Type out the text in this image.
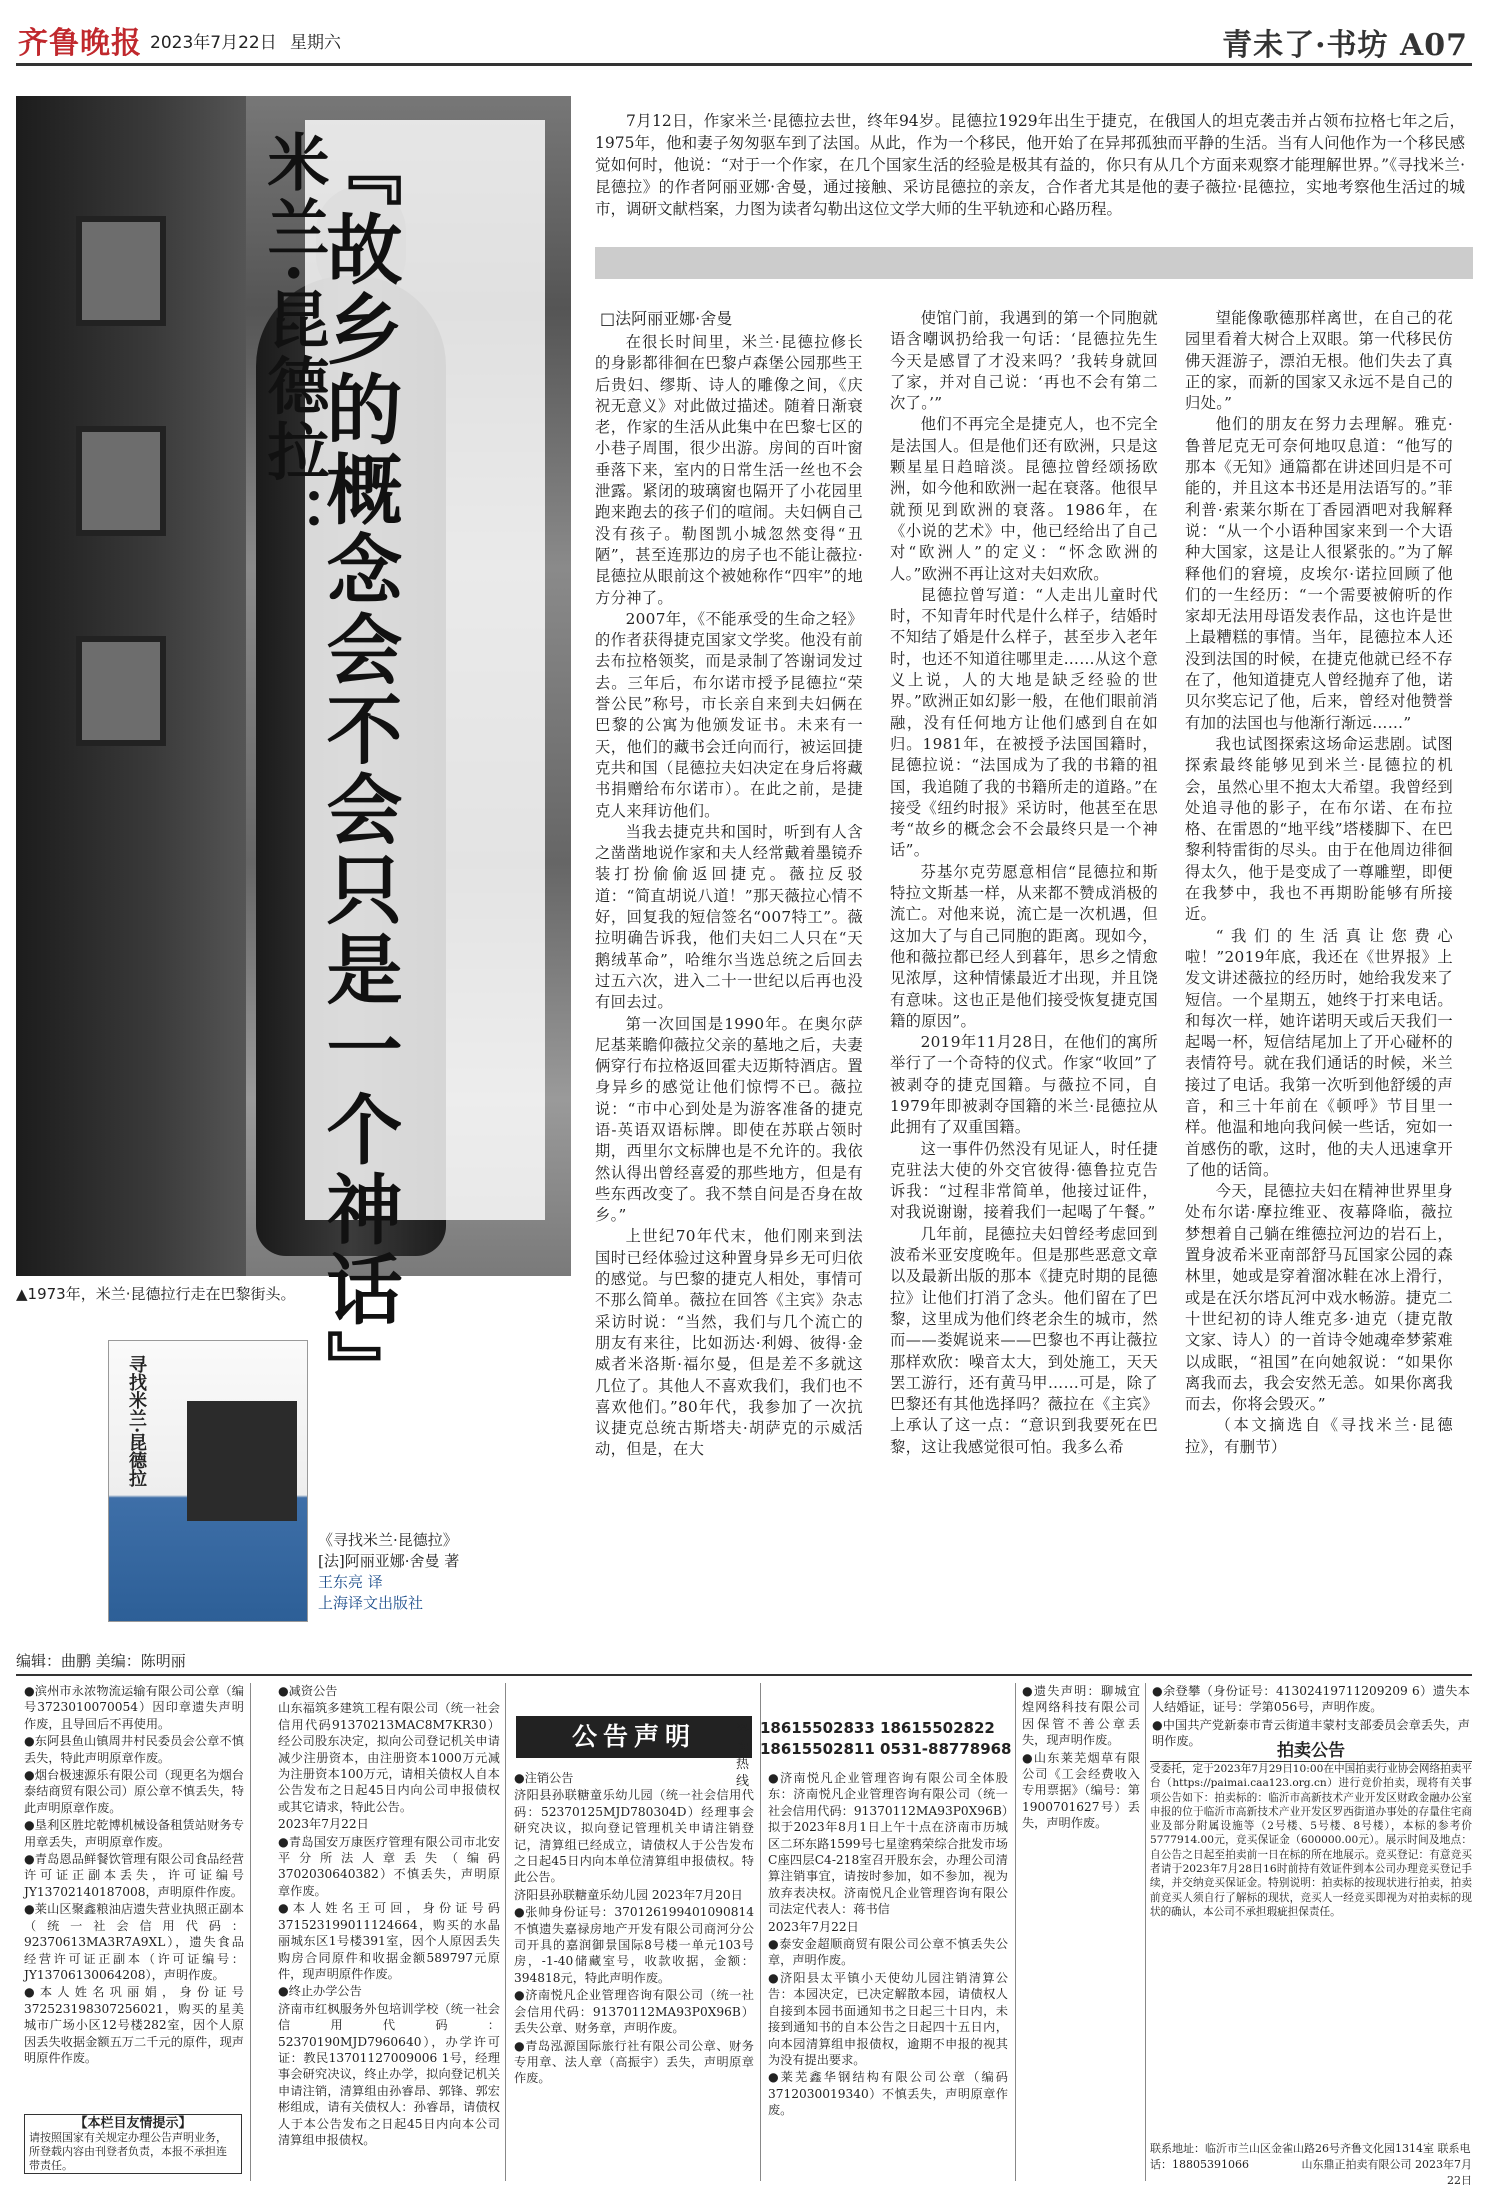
齐鲁晚报 2023年7月22日 星期六	青未了·书坊 A07
『故乡的概念会不会只是一个神话』
米兰·昆德拉：
▲1973年，米兰·昆德拉行走在巴黎街头。
寻找米兰·昆德拉
《寻找米兰·昆德拉》
[法]阿丽亚娜·舍曼 著
王东亮 译
上海译文出版社
7月12日，作家米兰·昆德拉去世，终年94岁。昆德拉1929年出生于捷克，在俄国人的坦克袭击并占领布拉格七年之后，1975年，他和妻子匆匆驱车到了法国。从此，作为一个移民，他开始了在异邦孤独而平静的生活。当有人问他作为一个移民感觉如何时，他说：“对于一个作家，在几个国家生活的经验是极其有益的，你只有从几个方面来观察才能理解世界。”《寻找米兰·昆德拉》的作者阿丽亚娜·舍曼，通过接触、采访昆德拉的亲友，合作者尤其是他的妻子薇拉·昆德拉，实地考察他生活过的城市，调研文献档案，力图为读者勾勒出这位文学大师的生平轨迹和心路历程。
□法阿丽亚娜·舍曼

在很长时间里，米兰·昆德拉修长的身影都徘徊在巴黎卢森堡公园那些王后贵妇、缪斯、诗人的雕像之间，《庆祝无意义》对此做过描述。随着日渐衰老，作家的生活从此集中在巴黎七区的小巷子周围，很少出游。房间的百叶窗垂落下来，室内的日常生活一丝也不会泄露。紧闭的玻璃窗也隔开了小花园里跑来跑去的孩子们的喧闹。夫妇俩自己没有孩子。勒图凯小城忽然变得“丑陋”，甚至连那边的房子也不能让薇拉·昆德拉从眼前这个被她称作“四牢”的地方分神了。

2007年，《不能承受的生命之轻》的作者获得捷克国家文学奖。他没有前去布拉格领奖，而是录制了答谢词发过去。三年后，布尔诺市授予昆德拉“荣誉公民”称号，市长亲自来到夫妇俩在巴黎的公寓为他颁发证书。未来有一天，他们的藏书会迁向而行，被运回捷克共和国（昆德拉夫妇决定在身后将藏书捐赠给布尔诺市）。在此之前，是捷克人来拜访他们。

当我去捷克共和国时，听到有人含之凿凿地说作家和夫人经常戴着墨镜乔装打扮偷偷返回捷克。薇拉反驳道：“简直胡说八道！”那天薇拉心情不好，回复我的短信签名“007特工”。薇拉明确告诉我，他们夫妇二人只在“天鹅绒革命”，哈维尔当选总统之后回去过五六次，进入二十一世纪以后再也没有回去过。

第一次回国是1990年。在奥尔萨尼基莱瞻仰薇拉父亲的墓地之后，夫妻俩穿行布拉格返回霍夫迈斯特酒店。置身异乡的感觉让他们惊愕不已。薇拉说：“市中心到处是为游客准备的捷克语-英语双语标牌。即使在苏联占领时期，西里尔文标牌也是不允许的。我依然认得出曾经喜爱的那些地方，但是有些东西改变了。我不禁自问是否身在故乡。”

上世纪70年代末，他们刚来到法国时已经体验过这种置身异乡无可归依的感觉。与巴黎的捷克人相处，事情可不那么简单。薇拉在回答《主宾》杂志采访时说：“当然，我们与几个流亡的朋友有来往，比如沥达·利姆、彼得·金威者米洛斯·福尔曼，但是差不多就这几位了。其他人不喜欢我们，我们也不喜欢他们。”80年代，我参加了一次抗议捷克总统古斯塔夫·胡萨克的示威活动，但是，在大

使馆门前，我遇到的第一个同胞就语含嘲讽扔给我一句话：‘昆德拉先生今天是感冒了才没来吗？’我转身就回了家，并对自己说：‘再也不会有第二次了。’”

他们不再完全是捷克人，也不完全是法国人。但是他们还有欧洲，只是这颗星星日趋暗淡。昆德拉曾经颂扬欧洲，如今他和欧洲一起在衰落。他很早就预见到欧洲的衰落。1986年，在《小说的艺术》中，他已经给出了自己对“欧洲人”的定义：“怀念欧洲的人。”欧洲不再让这对夫妇欢欣。

昆德拉曾写道：“人走出儿童时代时，不知青年时代是什么样子，结婚时不知结了婚是什么样子，甚至步入老年时，也还不知道往哪里走……从这个意义上说，人的大地是缺乏经验的世界。”欧洲正如幻影一般，在他们眼前消融，没有任何地方让他们感到自在如归。1981年，在被授予法国国籍时，昆德拉说：“法国成为了我的书籍的祖国，我追随了我的书籍所走的道路。”在接受《纽约时报》采访时，他甚至在思考“故乡的概念会不会最终只是一个神话”。

芬基尔克劳愿意相信“昆德拉和斯特拉文斯基一样，从来都不赞成消极的流亡。对他来说，流亡是一次机遇，但这加大了与自己同胞的距离。现如今，他和薇拉都已经人到暮年，思乡之情愈见浓厚，这种情愫最近才出现，并且饶有意味。这也正是他们接受恢复捷克国籍的原因”。

2019年11月28日，在他们的寓所举行了一个奇特的仪式。作家“收回”了被剥夺的捷克国籍。与薇拉不同，自1979年即被剥夺国籍的米兰·昆德拉从此拥有了双重国籍。

这一事件仍然没有见证人，时任捷克驻法大使的外交官彼得·德鲁拉克告诉我：“过程非常简单，他接过证件，对我说谢谢，接着我们一起喝了午餐。”

几年前，昆德拉夫妇曾经考虑回到波希米亚安度晚年。但是那些恶意文章以及最新出版的那本《捷克时期的昆德拉》让他们打消了念头。他们留在了巴黎，这里成为他们终老余生的城市，然而——娄娓说来——巴黎也不再让薇拉那样欢欣：噪音太大，到处施工，天天罢工游行，还有黄马甲……可是，除了巴黎还有其他选择吗？薇拉在《主宾》上承认了这一点：“意识到我要死在巴黎，这让我感觉很可怕。我多么希

望能像歌德那样离世，在自己的花园里看着大树合上双眼。第一代移民仿佛天涯游子，漂泊无根。他们失去了真正的家，而新的国家又永远不是自己的归处。”

他们的朋友在努力去理解。雅克·鲁普尼克无可奈何地叹息道：“他写的那本《无知》通篇都在讲述回归是不可能的，并且这本书还是用法语写的。”菲利普·索莱尔斯在丁香园酒吧对我解释说：“从一个小语种国家来到一个大语种大国家，这是让人很紧张的。”为了解释他们的窘境，皮埃尔·诺拉回顾了他们的一生经历：“一个需要被俯听的作家却无法用母语发表作品，这也许是世上最糟糕的事情。当年，昆德拉本人还没到法国的时候，在捷克他就已经不存在了，他知道捷克人曾经抛弃了他，诺贝尔奖忘记了他，后来，曾经对他赞誉有加的法国也与他渐行渐远……”

我也试图探索这场命运悲剧。试图探索最终能够见到米兰·昆德拉的机会，虽然心里不抱太大希望。我曾经到处追寻他的影子，在布尔诺、在布拉格、在雷恩的“地平线”塔楼脚下、在巴黎利特雷街的尽头。由于在他周边徘徊得太久，他于是变成了一尊雕塑，即便在我梦中，我也不再期盼能够有所接近。

“我们的生活真让您费心啦！”2019年底，我还在《世界报》上发文讲述薇拉的经历时，她给我发来了短信。一个星期五，她终于打来电话。和每次一样，她许诺明天或后天我们一起喝一杯，短信结尾加上了开心碰杯的表情符号。就在我们通话的时候，米兰接过了电话。我第一次听到他舒缓的声音，和三十年前在《顿呼》节目里一样。他温和地向我问候一些话，宛如一首感伤的歌，这时，他的夫人迅速拿开了他的话筒。

今天，昆德拉夫妇在精神世界里身处布尔诺·摩拉维亚、夜幕降临，薇拉梦想着自己躺在维德拉河边的岩石上，置身波希米亚南部舒马瓦国家公园的森林里，她或是穿着溜冰鞋在冰上滑行，或是在沃尔塔瓦河中戏水畅游。捷克二十世纪初的诗人维克多·迪克（捷克散文家、诗人）的一首诗令她魂牵梦萦难以成眠，“祖国”在向她叙说：“如果你离我而去，我会安然无恙。如果你离我而去，你将会毁灭。”

（本文摘选自《寻找米兰·昆德拉》，有删节）

编辑：曲鹏 美编：陈明丽

●滨州市永浓物流运输有限公司公章（编号3723010070054）因印章遗失声明作废，且导回后不再使用。

●东阿县鱼山镇周井村民委员会公章不慎丢失，特此声明原章作废。

●烟台极速源乐有限公司（现更名为烟台泰结商贸有限公司）原公章不慎丢失，特此声明原章作废。

●垦利区胜坨乾博机械设备租赁站财务专用章丢失，声明原章作废。

●青岛恩品鲜餐饮管理有限公司食品经营许可证正副本丢失，许可证编号JY13702140187008，声明原件作废。

●莱山区聚鑫粮油店遗失营业执照正副本（统一社会信用代码：92370613MA3R7A9XL），遗失食品经营许可证正副本（许可证编号：JY13706130064208），声明作废。

●本人姓名巩丽娟，身份证号372523198307256021，购买的星美城市广场小区12号楼282室，因个人原因丢失收据金额五万二千元的原件，现声明原件作废。

●减资公告

山东福筑多建筑工程有限公司（统一社会信用代码91370213MAC8M7KR30）经公司股东决定，拟向公司登记机关申请减少注册资本，由注册资本1000万元减为注册资本100万元，请相关债权人自本公告发布之日起45日内向公司申报债权或其它请求，特此公告。

2023年7月22日

●青岛国安万康医疗管理有限公司市北安平分所法人章丢失（编码3702030640382）不慎丢失，声明原章作废。

●本人姓名王可回，身份证号码371523199011124664，购买的水晶丽城东区1号楼391室，因个人原因丢失购房合同原件和收据金额589797元原件，现声明原件作废。

●终止办学公告

济南市红枫服务外包培训学校（统一社会信用代码：52370190MJD7960640），办学许可证：教民13701127009006 1号，经理事会研究决议，终止办学，拟向登记机关申请注销，清算组由孙睿昂、郭锋、郭宏彬组成，请有关债权人：孙睿昂，请债权人于本公告发布之日起45日内向本公司清算组申报债权。

公告声明	咨询热线
18615502833 18615502822
18615502811 0531-88778968

●注销公告

济阳县孙联糖童乐幼儿园（统一社会信用代码：52370125MJD780304D）经理事会研究决议，拟向登记管理机关申请注销登记，清算组已经成立，请债权人于公告发布之日起45日内向本单位清算组申报债权。特此公告。

济阳县孙联糖童乐幼儿园 2023年7月20日

●张帅身份证号：370126199401090814不慎遗失嘉禄房地产开发有限公司商河分公司开具的嘉润御景国际8号楼一单元103号房，-1-40储藏室号，收款收据，金额：394818元，特此声明作废。

●济南悦凡企业管理咨询有限公司（统一社会信用代码：91370112MA93P0X96B）丢失公章、财务章，声明作废。

●青岛泓源国际旅行社有限公司公章、财务专用章、法人章（高振宇）丢失，声明原章作废。

●济南悦凡企业管理咨询有限公司全体股东：济南悦凡企业管理咨询有限公司（统一社会信用代码：91370112MA93P0X96B）拟于2023年8月1日上午十点在济南市历城区二环东路1599号七星塗鸦荣综合批发市场C座四层C4-218室召开股东会，办理公司清算注销事宜，请按时参加，如不参加，视为放弃表决权。济南悦凡企业管理咨询有限公司法定代表人：蒋书信

2023年7月22日

●泰安金超顺商贸有限公司公章不慎丢失公章，声明作废。

●济阳县太平镇小天使幼儿园注销清算公告：本园决定，已决定解散本园，请债权人自接到本园书面通知书之日起三十日内，未接到通知书的自本公告之日起四十五日内，向本园清算组申报债权，逾期不申报的视其为没有提出要求。

●莱芜鑫华钢结构有限公司公章（编码3712030019340）不慎丢失，声明原章作废。

●遗失声明：聊城宜煌网络科技有限公司因保管不善公章丢失，现声明作废。

●山东莱芜烟草有限公司《工会经费收入专用票据》（编号：第1900701627号）丢失，声明作废。

●余登攀（身份证号：41302419711209209 6）遗失本人结婚证，证号：学第056号，声明作废。

●中国共产党新泰市青云街道丰蒙村支部委员会章丢失，声明作废。	拍卖公告
受委托，定于2023年7月29日10:00在中国拍卖行业协会网络拍卖平台（https://paimai.caa123.org.cn）进行竞价拍卖，现将有关事项公告如下：拍卖标的：临沂市高新技术产业开发区财政金融办公室申报的位于临沂市高新技术产业开发区罗西街道办事处的存量住宅商业及部分附属设施等（2号楼、5号楼、8号楼），本标的参考价5777914.00元，竞买保证金（600000.00元）。展示时间及地点：自公告之日起至拍卖前一日在标的所在地展示。竞买登记：有意竞买者请于2023年7月28日16时前持有效证件到本公司办理竞买登记手续，并交纳竞买保证金。特别说明：拍卖标的按现状进行拍卖，拍卖前竞买人须自行了解标的现状，竞买人一经竞买即视为对拍卖标的现状的确认，本公司不承担瑕疵担保责任。
联系地址：临沂市兰山区金雀山路26号齐鲁文化园1314室 联系电话：18805391066	山东鼎正拍卖有限公司 2023年7月22日
【本栏目友情提示】
请按照国家有关规定办理公告声明业务，所登载内容由刊登者负责，本报不承担连带责任。
